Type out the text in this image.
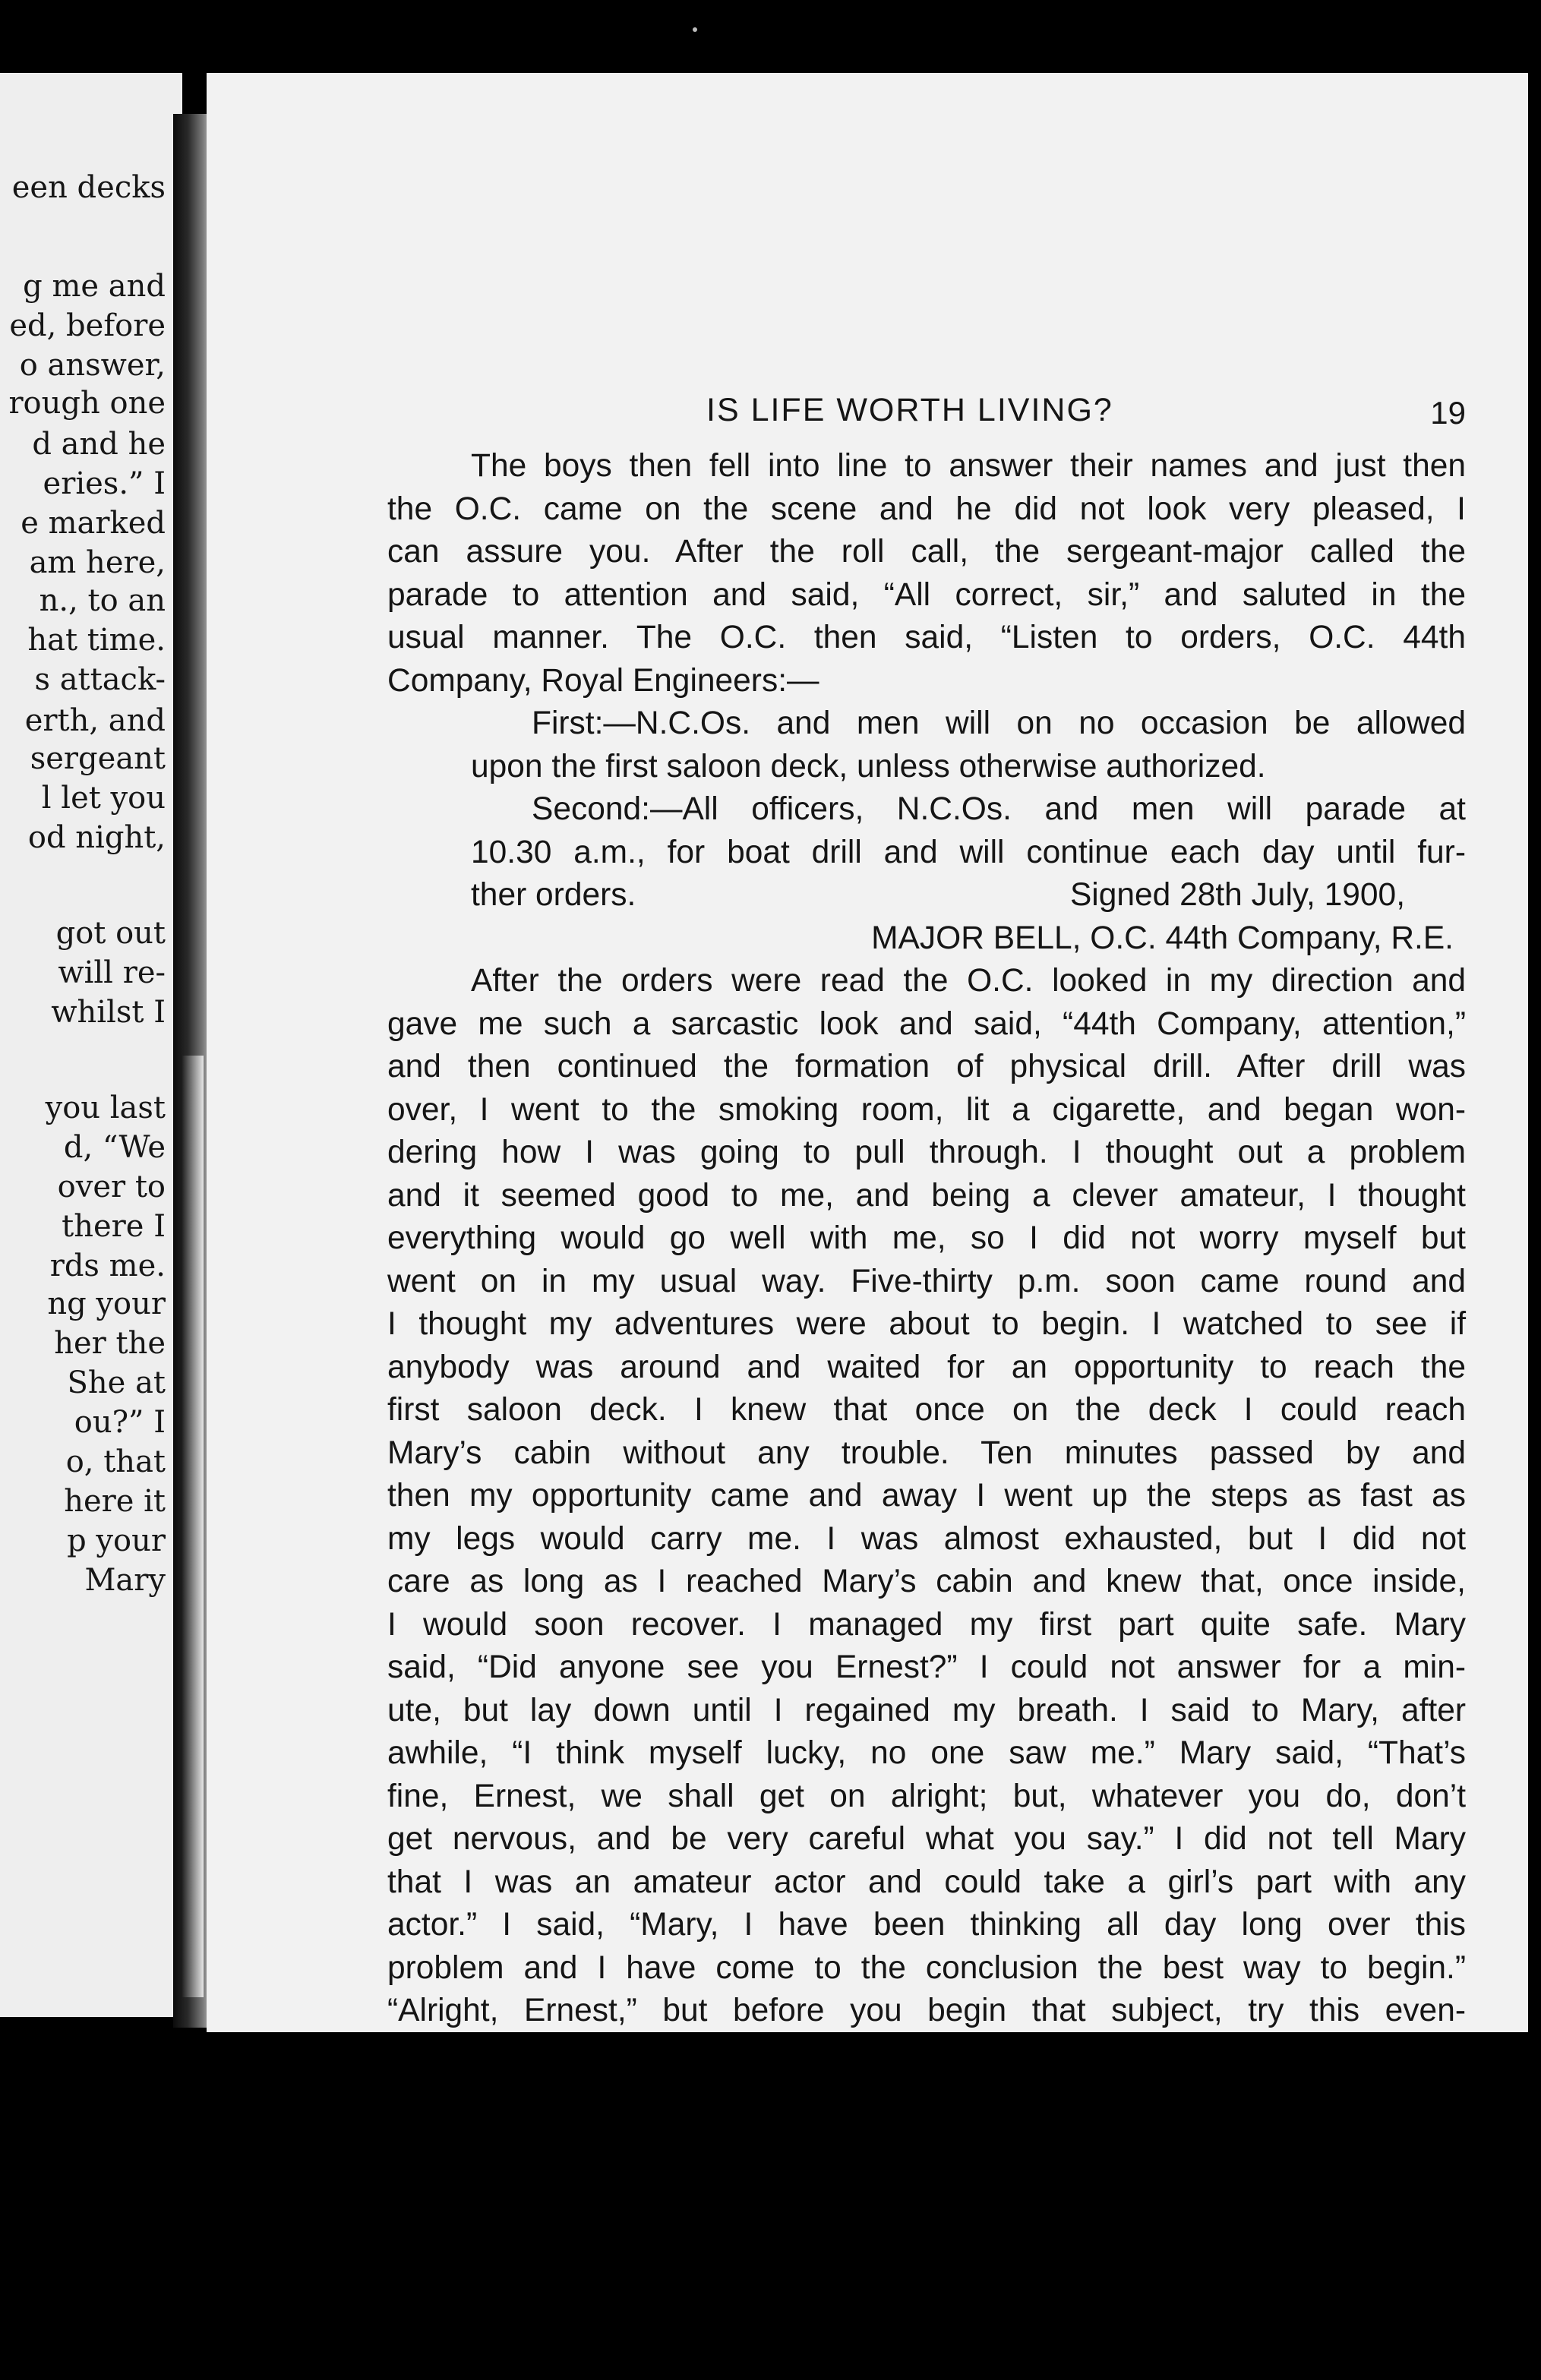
een decks
g me and
ed, before
o answer,
rough one
d and he
eries.” I
e marked
am here,
n., to an
hat time.
s attack-
erth, and
sergeant
l let you
od night,
got out
will re-
whilst I
you last
d, “We
over to
there I
rds me.
ng your
her the
She at
ou?” I
o, that
here it
p your
Mary
IS LIFE WORTH LIVING?	19
The boys then fell into line to answer their names and just then
the O.C. came on the scene and he did not look very pleased, I
can assure you. After the roll call, the sergeant-major called the
parade to attention and said, “All correct, sir,” and saluted in the
usual manner. The O.C. then said, “Listen to orders, O.C. 44th
Company, Royal Engineers:—
First:—N.C.Os. and men will on no occasion be allowed
upon the first saloon deck, unless otherwise authorized.
Second:—All officers, N.C.Os. and men will parade at
10.30 a.m., for boat drill and will continue each day until fur-
ther orders.	Signed 28th July, 1900,
MAJOR BELL, O.C. 44th Company, R.E.
After the orders were read the O.C. looked in my direction and
gave me such a sarcastic look and said, “44th Company, attention,”
and then continued the formation of physical drill. After drill was
over, I went to the smoking room, lit a cigarette, and began won-
dering how I was going to pull through. I thought out a problem
and it seemed good to me, and being a clever amateur, I thought
everything would go well with me, so I did not worry myself but
went on in my usual way. Five-thirty p.m. soon came round and
I thought my adventures were about to begin. I watched to see if
anybody was around and waited for an opportunity to reach the
first saloon deck. I knew that once on the deck I could reach
Mary’s cabin without any trouble. Ten minutes passed by and
then my opportunity came and away I went up the steps as fast as
my legs would carry me. I was almost exhausted, but I did not
care as long as I reached Mary’s cabin and knew that, once inside,
I would soon recover. I managed my first part quite safe. Mary
said, “Did anyone see you Ernest?” I could not answer for a min-
ute, but lay down until I regained my breath. I said to Mary, after
awhile, “I think myself lucky, no one saw me.” Mary said, “That’s
fine, Ernest, we shall get on alright; but, whatever you do, don’t
get nervous, and be very careful what you say.” I did not tell Mary
that I was an amateur actor and could take a girl’s part with any
actor.” I said, “Mary, I have been thinking all day long over this
problem and I have come to the conclusion the best way to begin.”
“Alright, Ernest,” but before you begin that subject, try this even-
